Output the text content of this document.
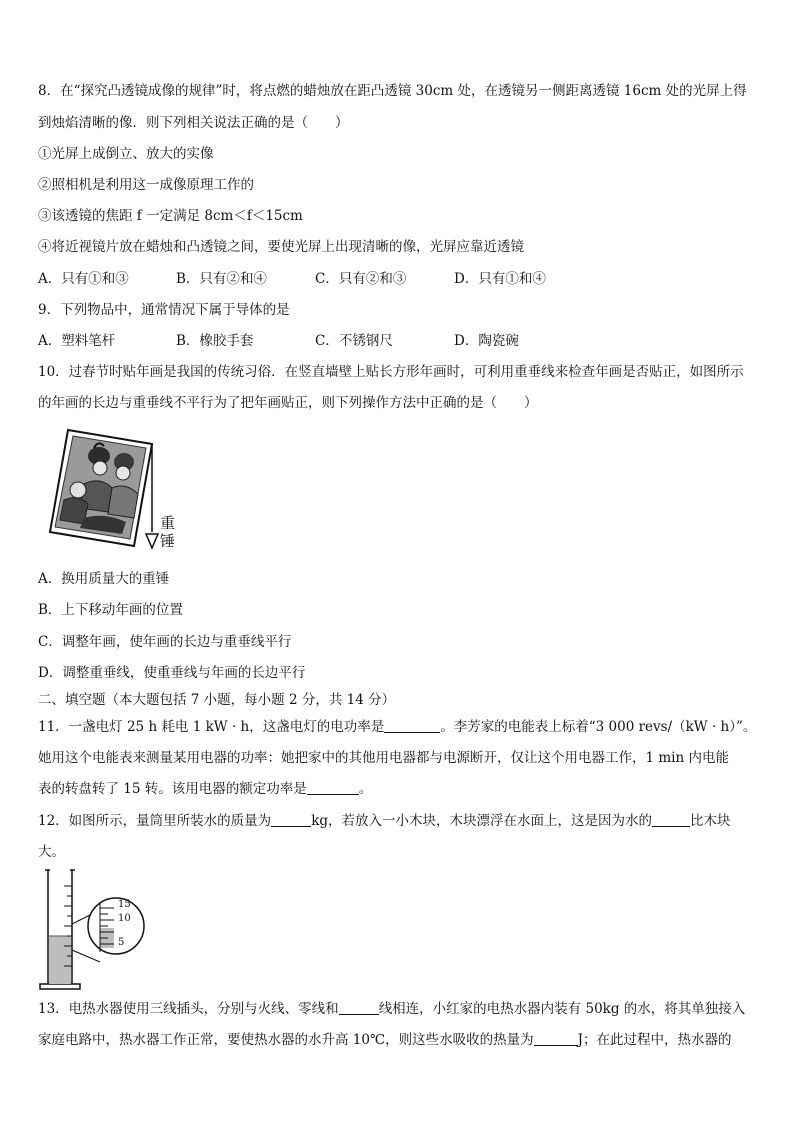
8．在“探究凸透镜成像的规律”时，将点燃的蜡烛放在距凸透镜 30cm 处，在透镜另一侧距离透镜 16cm 处的光屏上得
到烛焰清晰的像．则下列相关说法正确的是（　　）
①光屏上成倒立、放大的实像
②照相机是利用这一成像原理工作的
③该透镜的焦距 f 一定满足 8cm＜f＜15cm
④将近视镜片放在蜡烛和凸透镜之间，要使光屏上出现清晰的像，光屏应靠近透镜
A．只有①和③	B．只有②和④	C．只有②和③	D．只有①和④
9．下列物品中，通常情况下属于导体的是
A．塑料笔杆	B．橡胶手套	C．不锈钢尺	D．陶瓷碗
10．过春节时贴年画是我国的传统习俗．在竖直墙壁上贴长方形年画时，可利用重垂线来检查年画是否贴正，如图所示
的年画的长边与重垂线不平行为了把年画贴正，则下列操作方法中正确的是（　　）
重锤
A．换用质量大的重锤
B．上下移动年画的位置
C．调整年画，使年画的长边与重垂线平行
D．调整重垂线，使重垂线与年画的长边平行
二、填空题（本大题包括 7 小题，每小题 2 分，共 14 分）
11．一盏电灯 25 h 耗电 1 kW · h，这盏电灯的电功率是	。李芳家的电能表上标着“3 000 revs/（kW · h）”。
她用这个电能表来测量某用电器的功率：她把家中的其他用电器都与电源断开，仅让这个用电器工作，1 min 内电能
表的转盘转了 15 转。该用电器的额定功率是	。
12．如图所示，量筒里所装水的质量为	kg，若放入一小木块，木块漂浮在水面上，这是因为水的	比木块
大。
15
10
5
13．电热水器使用三线插头，分别与火线、零线和	线相连，小红家的电热水器内装有 50kg 的水，将其单独接入
家庭电路中，热水器工作正常，要使热水器的水升高 10℃，则这些水吸收的热量为	J；在此过程中，热水器的
